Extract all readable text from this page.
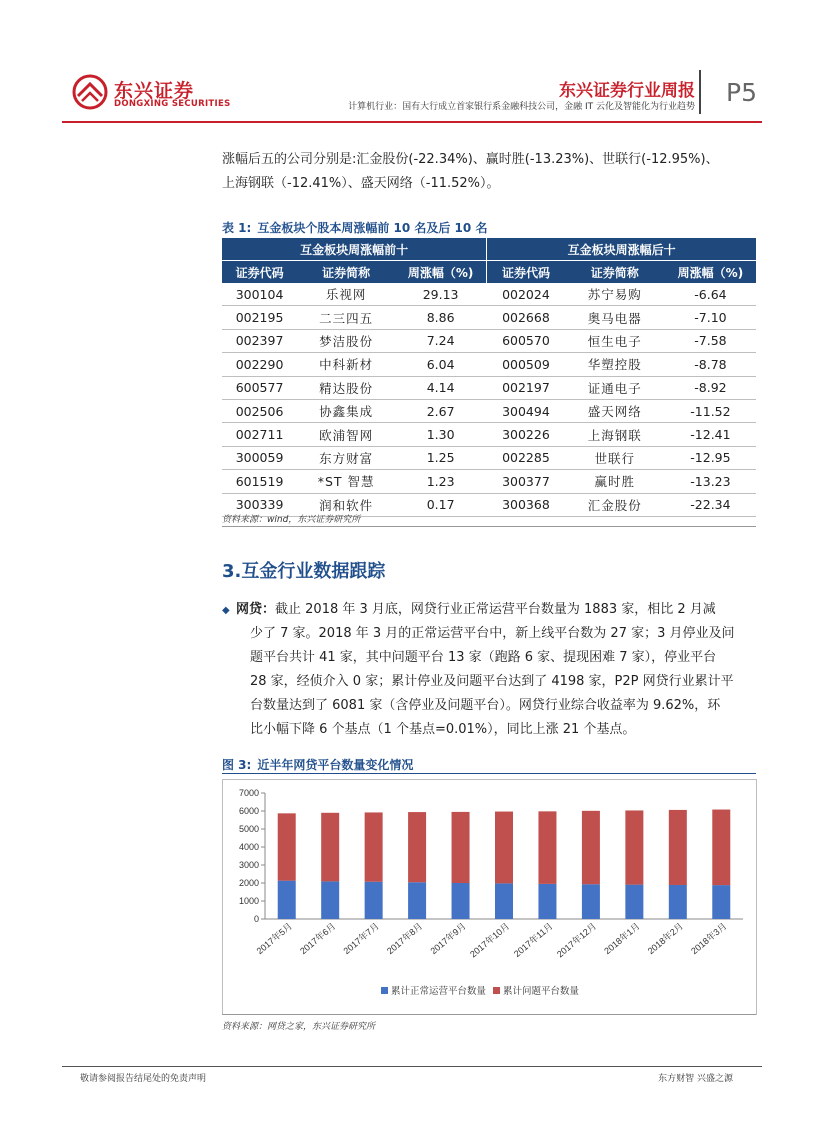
东兴证券
DONGXING SECURITIES
东兴证券行业周报
计算机行业：国有大行成立首家银行系金融科技公司，金融 IT 云化及智能化为行业趋势 P5
涨幅后五的公司分别是:汇金股份(-22.34%)、赢时胜(-13.23%)、世联行(-12.95%)、
上海钢联（-12.41%）、盛天网络（-11.52%）。
表 1: 互金板块个股本周涨幅前 10 名及后 10 名
互金板块周涨幅前十			互金板块周涨幅后十		
证券代码	证券简称	周涨幅（%)	证券代码	证券简称	周涨幅（%)
300104	乐视网	29.13	002024	苏宁易购	-6.64
002195	二三四五	8.86	002668	奥马电器	-7.10
002397	梦洁股份	7.24	600570	恒生电子	-7.58
002290	中科新材	6.04	000509	华塑控股	-8.78
600577	精达股份	4.14	002197	证通电子	-8.92
002506	协鑫集成	2.67	300494	盛天网络	-11.52
002711	欧浦智网	1.30	300226	上海钢联	-12.41
300059	东方财富	1.25	002285	世联行	-12.95
601519	*ST 智慧	1.23	300377	赢时胜	-13.23
300339	润和软件	0.17	300368	汇金股份	-22.34
资料来源：wind，东兴证券研究所
3.互金行业数据跟踪
◆ 网贷：截止 2018 年 3 月底，网贷行业正常运营平台数量为 1883 家，相比 2 月减
少了 7 家。2018 年 3 月的正常运营平台中，新上线平台数为 27 家；3 月停业及问
题平台共计 41 家，其中问题平台 13 家（跑路 6 家、提现困难 7 家），停业平台
28 家，经侦介入 0 家；累计停业及问题平台达到了 4198 家，P2P 网贷行业累计平
台数量达到了 6081 家（含停业及问题平台）。网贷行业综合收益率为 9.62%，环
比小幅下降 6 个基点（1 个基点=0.01%），同比上涨 21 个基点。
图 3: 近半年网贷平台数量变化情况
0
1000
2000
3000
4000
5000
6000
7000
2017年5月 2017年6月 2017年7月 2017年8月 2017年9月 2017年10月 2017年11月 2017年12月 2018年1月 2018年2月 2018年3月
累计正常运营平台数量 累计问题平台数量
资料来源：网贷之家，东兴证券研究所
敬请参阅报告结尾处的免责声明	东方财智 兴盛之源
